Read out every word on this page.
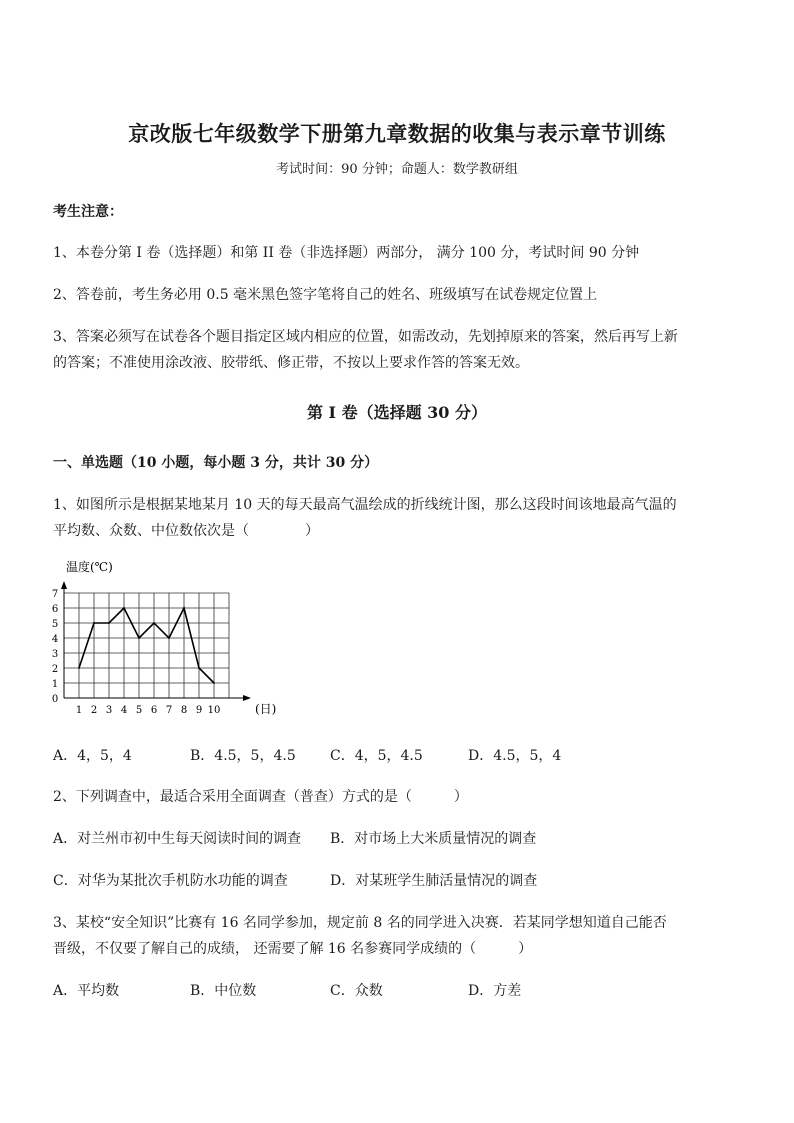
京改版七年级数学下册第九章数据的收集与表示章节训练
考试时间：90 分钟；命题人：数学教研组
考生注意：
1、本卷分第 I 卷（选择题）和第 II 卷（非选择题）两部分， 满分 100 分，考试时间 90 分钟
2、答卷前，考生务必用 0.5 毫米黑色签字笔将自己的姓名、班级填写在试卷规定位置上
3、答案必须写在试卷各个题目指定区域内相应的位置，如需改动，先划掉原来的答案，然后再写上新
的答案；不准使用涂改液、胶带纸、修正带，不按以上要求作答的答案无效。
第 I 卷（选择题 30 分）
一、单选题（10 小题，每小题 3 分，共计 30 分）
1、如图所示是根据某地某月 10 天的每天最高气温绘成的折线统计图，那么这段时间该地最高气温的
平均数、众数、中位数依次是（　　　　）
0
1
2
3
4
5
6
7
1 2 3 4 5 6 7 8 9 10
温度(℃)
(日)
A．4，5，4	B．4.5，5，4.5 C．4，5，4.5	D．4.5，5，4
2、下列调查中，最适合采用全面调查（普查）方式的是（　　　）
A．对兰州市初中生每天阅读时间的调查 B．对市场上大米质量情况的调查
C．对华为某批次手机防水功能的调查	D．对某班学生肺活量情况的调查
3、某校“安全知识”比赛有 16 名同学参加，规定前 8 名的同学进入决赛．若某同学想知道自己能否
晋级，不仅要了解自己的成绩， 还需要了解 16 名参赛同学成绩的（　　　）
A．平均数	B．中位数	C．众数	D．方差
